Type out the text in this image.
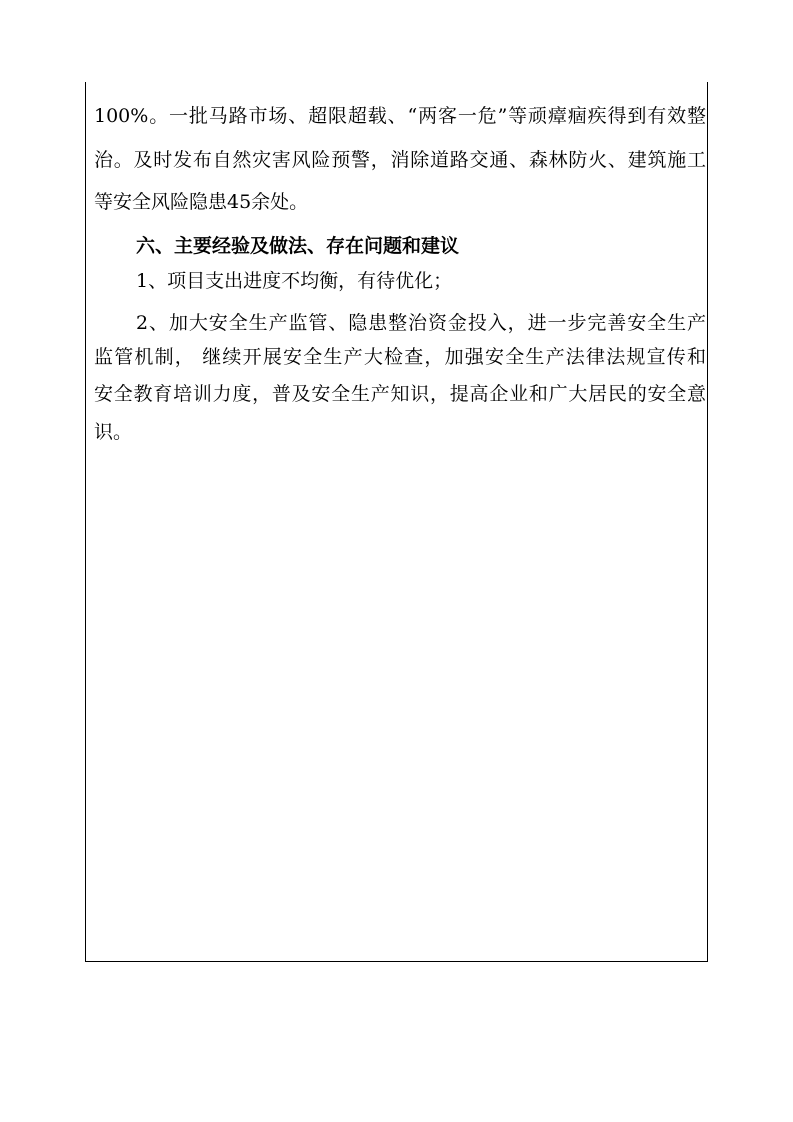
100%。一批马路市场、超限超载、“两客一危”等顽瘴痼疾得到有效整
治。及时发布自然灾害风险预警，消除道路交通、森林防火、建筑施工
等安全风险隐患45余处。
六、主要经验及做法、存在问题和建议
1、项目支出进度不均衡，有待优化；
2、加大安全生产监管、隐患整治资金投入，进一步完善安全生产
监管机制， 继续开展安全生产大检查，加强安全生产法律法规宣传和
安全教育培训力度，普及安全生产知识，提高企业和广大居民的安全意
识。
